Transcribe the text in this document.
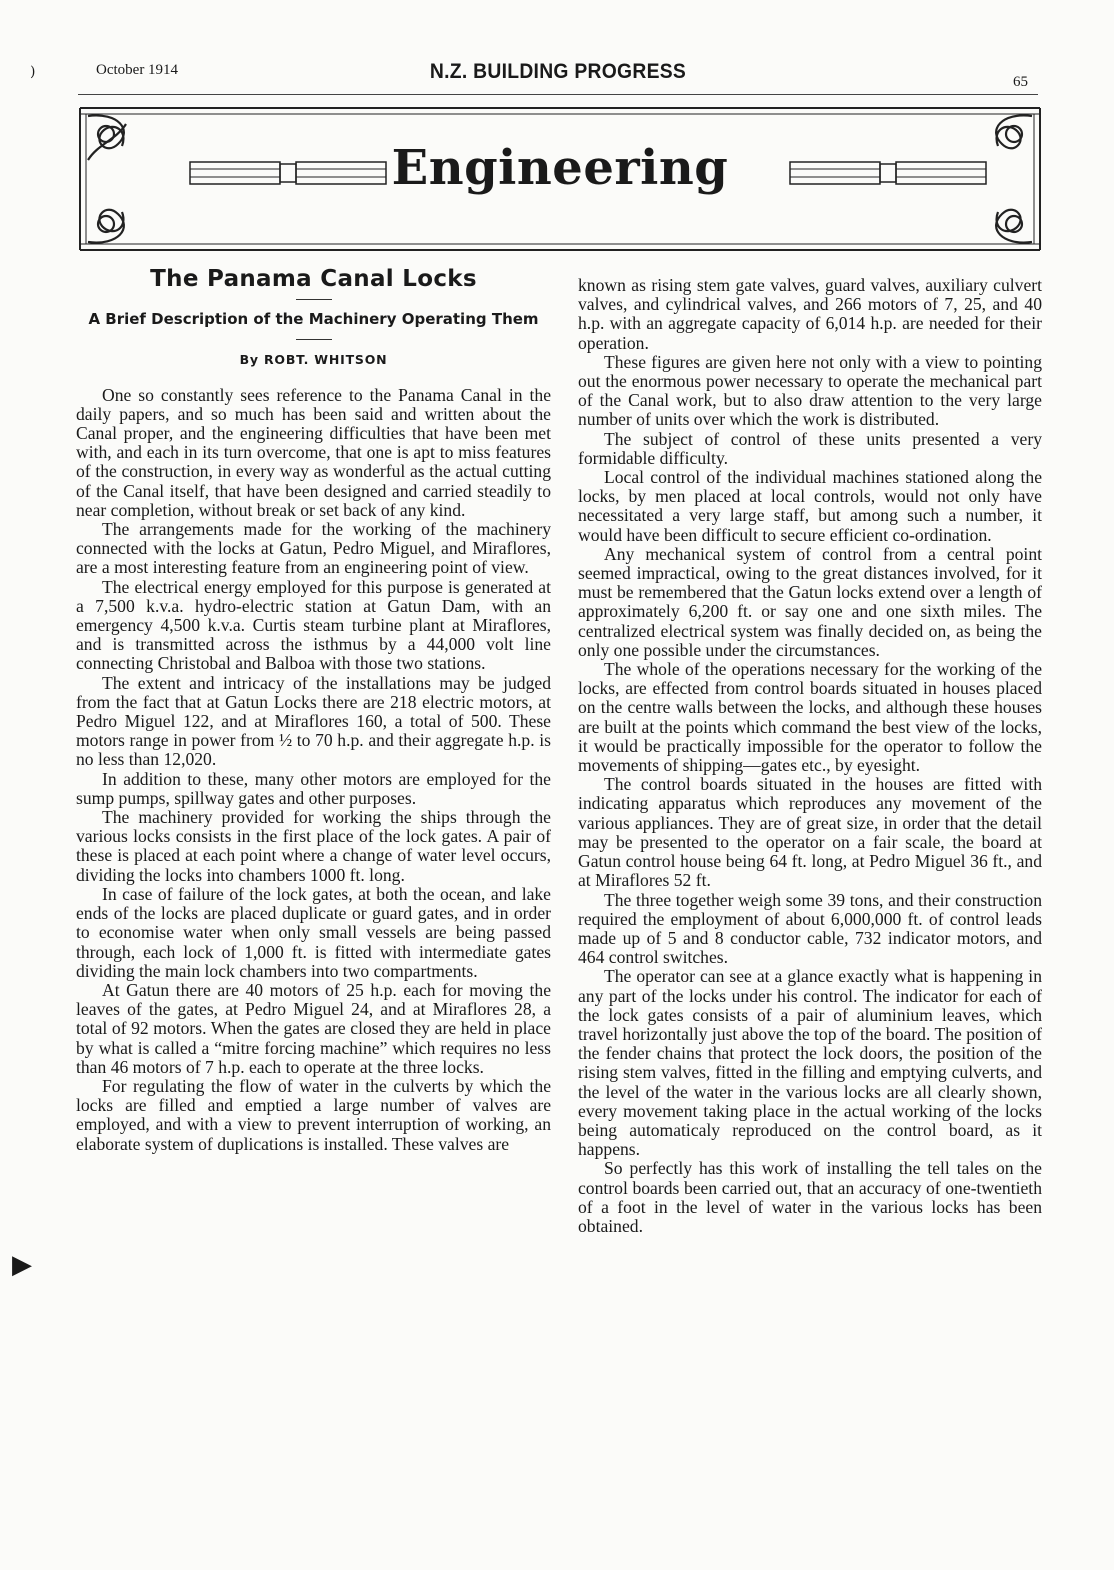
)
▶
October 1914	N.Z. BUILDING PROGRESS	65
Engineering
The Panama Canal Locks
A Brief Description of the Machinery Operating Them
By ROBT. WHITSON

One so constantly sees reference to the Panama Canal in the daily papers, and so much has been said and written about the Canal proper, and the engineering difficulties that have been met with, and each in its turn overcome, that one is apt to miss features of the construction, in every way as wonderful as the actual cutting of the Canal itself, that have been designed and carried steadily to near completion, without break or set back of any kind.

The arrangements made for the working of the machinery connected with the locks at Gatun, Pedro Miguel, and Miraflores, are a most interesting feature from an engineering point of view.

The electrical energy employed for this purpose is generated at a 7,500 k.v.a. hydro-electric station at Gatun Dam, with an emergency 4,500 k.v.a. Curtis steam turbine plant at Miraflores, and is transmitted across the isthmus by a 44,000 volt line connecting Christobal and Balboa with those two stations.

The extent and intricacy of the installations may be judged from the fact that at Gatun Locks there are 218 electric motors, at Pedro Miguel 122, and at Miraflores 160, a total of 500. These motors range in power from ½ to 70 h.p. and their aggregate h.p. is no less than 12,020.

In addition to these, many other motors are employed for the sump pumps, spillway gates and other purposes.

The machinery provided for working the ships through the various locks consists in the first place of the lock gates. A pair of these is placed at each point where a change of water level occurs, dividing the locks into chambers 1000 ft. long.

In case of failure of the lock gates, at both the ocean, and lake ends of the locks are placed duplicate or guard gates, and in order to economise water when only small vessels are being passed through, each lock of 1,000 ft. is fitted with intermediate gates dividing the main lock chambers into two compartments.

At Gatun there are 40 motors of 25 h.p. each for moving the leaves of the gates, at Pedro Miguel 24, and at Miraflores 28, a total of 92 motors. When the gates are closed they are held in place by what is called a “mitre forcing machine” which requires no less than 46 motors of 7 h.p. each to operate at the three locks.

For regulating the flow of water in the culverts by which the locks are filled and emptied a large number of valves are employed, and with a view to prevent interruption of working, an elaborate system of duplications is installed. These valves are

known as rising stem gate valves, guard valves, auxiliary culvert valves, and cylindrical valves, and 266 motors of 7, 25, and 40 h.p. with an aggregate capacity of 6,014 h.p. are needed for their operation.

These figures are given here not only with a view to pointing out the enormous power necessary to operate the mechanical part of the Canal work, but to also draw attention to the very large number of units over which the work is distributed.

The subject of control of these units presented a very formidable difficulty.

Local control of the individual machines stationed along the locks, by men placed at local controls, would not only have necessitated a very large staff, but among such a number, it would have been difficult to secure efficient co-ordination.

Any mechanical system of control from a central point seemed impractical, owing to the great distances involved, for it must be remembered that the Gatun locks extend over a length of approximately 6,200 ft. or say one and one sixth miles. The centralized electrical system was finally decided on, as being the only one possible under the circumstances.

The whole of the operations necessary for the working of the locks, are effected from control boards situated in houses placed on the centre walls between the locks, and although these houses are built at the points which command the best view of the locks, it would be practically impossible for the operator to follow the movements of shipping—gates etc., by eyesight.

The control boards situated in the houses are fitted with indicating apparatus which reproduces any movement of the various appliances. They are of great size, in order that the detail may be presented to the operator on a fair scale, the board at Gatun control house being 64 ft. long, at Pedro Miguel 36 ft., and at Miraflores 52 ft.

The three together weigh some 39 tons, and their construction required the employment of about 6,000,000 ft. of control leads made up of 5 and 8 conductor cable, 732 indicator motors, and 464 control switches.

The operator can see at a glance exactly what is happening in any part of the locks under his control. The indicator for each of the lock gates consists of a pair of aluminium leaves, which travel horizontally just above the top of the board. The position of the fender chains that protect the lock doors, the position of the rising stem valves, fitted in the filling and emptying culverts, and the level of the water in the various locks are all clearly shown, every movement taking place in the actual working of the locks being automaticaly reproduced on the control board, as it happens.

So perfectly has this work of installing the tell tales on the control boards been carried out, that an accuracy of one-twentieth of a foot in the level of water in the various locks has been obtained.
